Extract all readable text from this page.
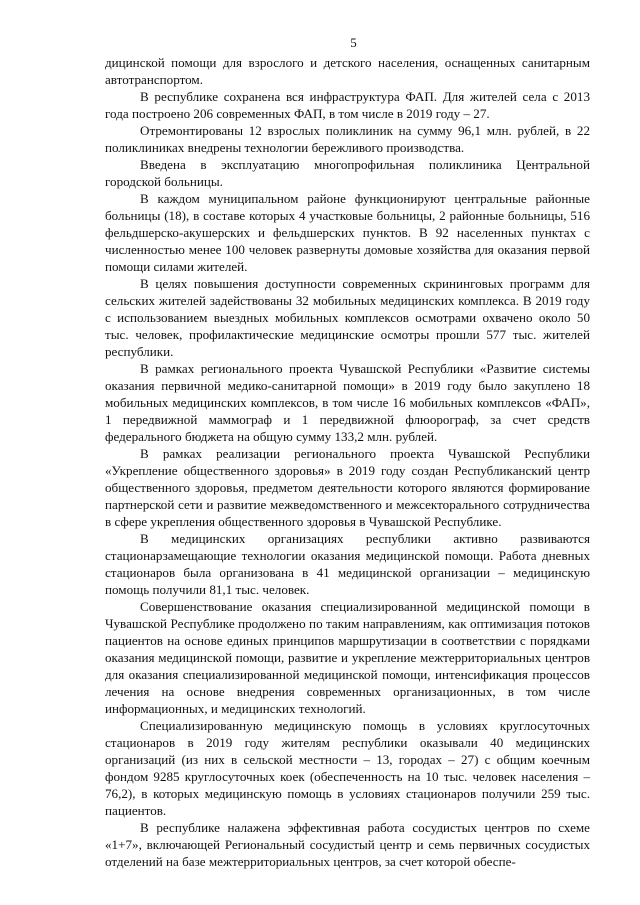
5

дицинской помощи для взрослого и детского населения, оснащенных санитарным автотранспортом.

В республике сохранена вся инфраструктура ФАП. Для жителей села с 2013 года построено 206 современных ФАП, в том числе в 2019 году – 27.

Отремонтированы 12 взрослых поликлиник на сумму 96,1 млн. рублей, в 22 поликлиниках внедрены технологии бережливого производства.

Введена в эксплуатацию многопрофильная поликлиника Центральной городской больницы.

В каждом муниципальном районе функционируют центральные районные больницы (18), в составе которых 4 участковые больницы, 2 районные больницы, 516 фельдшерско-акушерских и фельдшерских пунктов. В 92 населенных пунктах с численностью менее 100 человек развернуты домовые хозяйства для оказания первой помощи силами жителей.

В целях повышения доступности современных скрининговых программ для сельских жителей задействованы 32 мобильных медицинских комплекса. В 2019 году с использованием выездных мобильных комплексов осмотрами охвачено около 50 тыс. человек, профилактические медицинские осмотры прошли 577 тыс. жителей республики.

В рамках регионального проекта Чувашской Республики «Развитие системы оказания первичной медико-санитарной помощи» в 2019 году было закуплено 18 мобильных медицинских комплексов, в том числе 16 мобильных комплексов «ФАП», 1 передвижной маммограф и 1 передвижной флюорограф, за счет средств федерального бюджета на общую сумму 133,2 млн. рублей.

В рамках реализации регионального проекта Чувашской Республики «Укрепление общественного здоровья» в 2019 году создан Республиканский центр общественного здоровья, предметом деятельности которого являются формирование партнерской сети и развитие межведомственного и межсекторального сотрудничества в сфере укрепления общественного здоровья в Чувашской Республике.

В медицинских организациях республики активно развиваются стационарзамещающие технологии оказания медицинской помощи. Работа дневных стационаров была организована в 41 медицинской организации – медицинскую помощь получили 81,1 тыс. человек.

Совершенствование оказания специализированной медицинской помощи в Чувашской Республике продолжено по таким направлениям, как оптимизация потоков пациентов на основе единых принципов маршрутизации в соответствии с порядками оказания медицинской помощи, развитие и укрепление межтерриториальных центров для оказания специализированной медицинской помощи, интенсификация процессов лечения на основе внедрения современных организационных, в том числе информационных, и медицинских технологий.

Специализированную медицинскую помощь в условиях круглосуточных стационаров в 2019 году жителям республики оказывали 40 медицинских организаций (из них в сельской местности – 13, городах – 27) с общим коечным фондом 9285 круглосуточных коек (обеспеченность на 10 тыс. человек населения – 76,2), в которых медицинскую помощь в условиях стационаров получили 259 тыс. пациентов.

В республике налажена эффективная работа сосудистых центров по схеме «1+7», включающей Региональный сосудистый центр и семь первичных сосудистых отделений на базе межтерриториальных центров, за счет которой обеспе-
